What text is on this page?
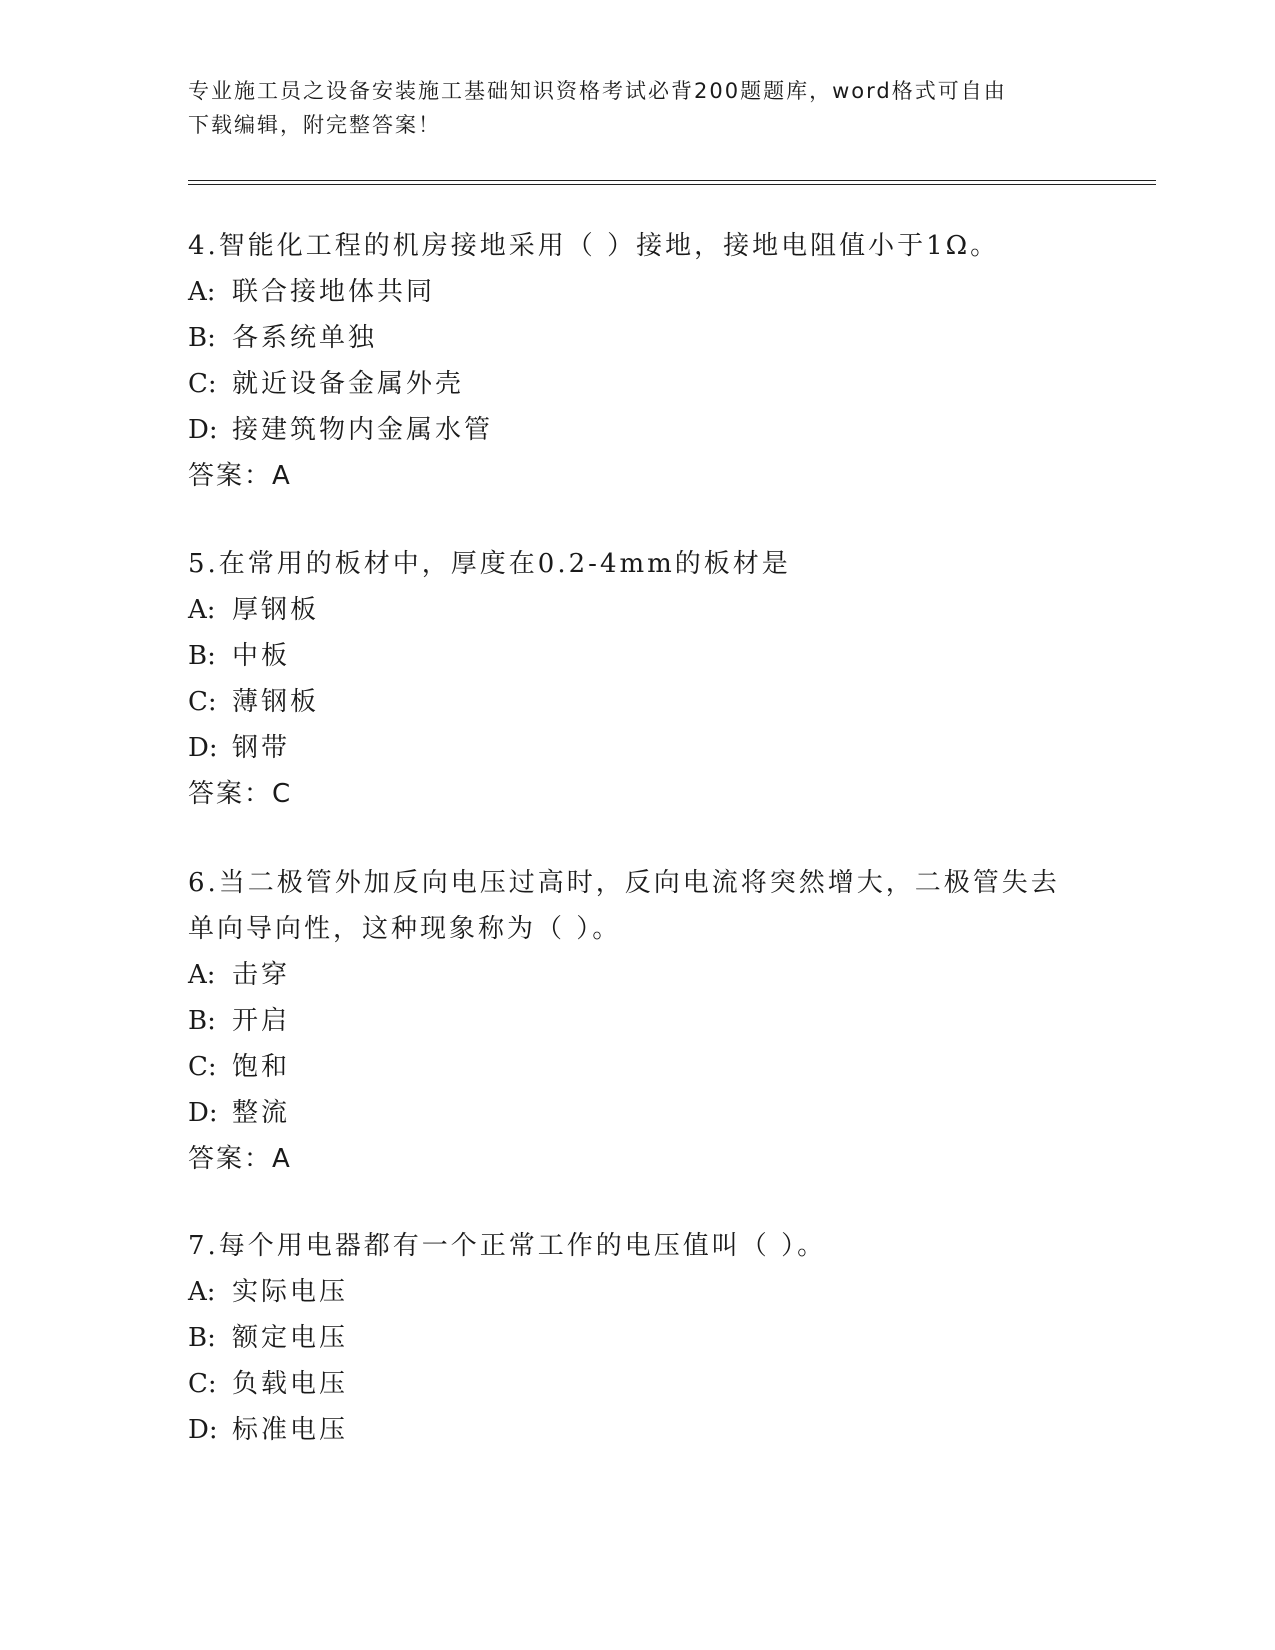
专业施工员之设备安装施工基础知识资格考试必背200题题库，word格式可自由
下载编辑，附完整答案！
4.智能化工程的机房接地采用（ ）接地，接地电阻值小于1Ω。
A: 联合接地体共同
B: 各系统单独
C: 就近设备金属外壳
D: 接建筑物内金属水管
答案：A
5.在常用的板材中，厚度在0.2-4mm的板材是
A: 厚钢板
B: 中板
C: 薄钢板
D: 钢带
答案：C
6.当二极管外加反向电压过高时，反向电流将突然增大，二极管失去
单向导向性，这种现象称为（ ）。
A: 击穿
B: 开启
C: 饱和
D: 整流
答案：A
7.每个用电器都有一个正常工作的电压值叫（ ）。
A: 实际电压
B: 额定电压
C: 负载电压
D: 标准电压
